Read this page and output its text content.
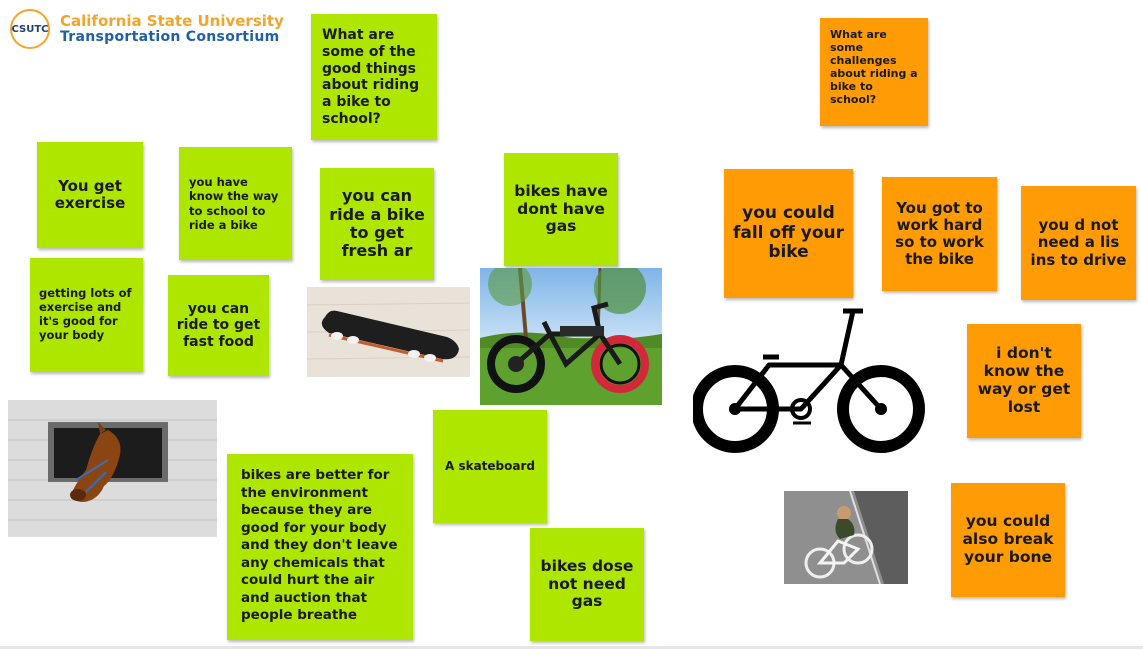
CSUTC California State University
Transportation Consortium	What are some of the good things about riding a bike to school?
What are some challenges about riding a bike to school?
You get exercise
you have know the way to school to ride a bike
you can ride a bike to get fresh ar
bikes have dont have gas
getting lots of exercise and it's good for your body
you can ride to get fast food
A skateboard
bikes are better for the environment because they are good for your body and they don't leave any chemicals that could hurt the air and auction that people breathe
bikes dose not need gas
you could fall off your bike
You got to work hard so to work the bike
you d not need a lis ins to drive
i don't know the way or get lost
you could also break your bone
